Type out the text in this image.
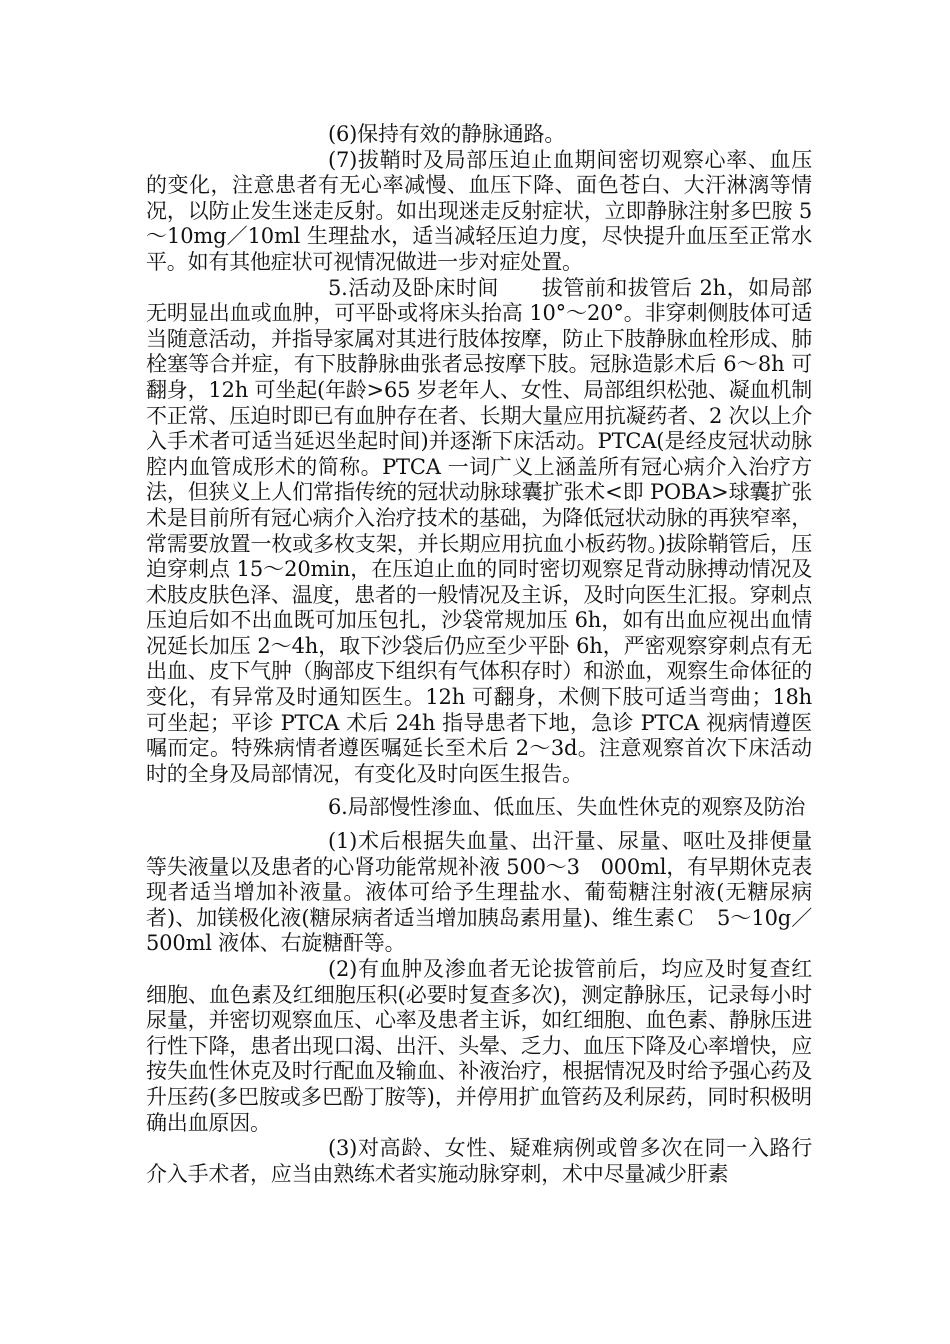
(6)保持有效的静脉通路。

(7)拔鞘时及局部压迫止血期间密切观察心率、血压的变化，注意患者有无心率减慢、血压下降、面色苍白、大汗淋漓等情况，以防止发生迷走反射。如出现迷走反射症状，立即静脉注射多巴胺 5～10mg／10ml 生理盐水，适当减轻压迫力度，尽快提升血压至正常水平。如有其他症状可视情况做进一步对症处置。

5.活动及卧床时间　　拔管前和拔管后 2h，如局部无明显出血或血肿，可平卧或将床头抬高 10°～20°。非穿刺侧肢体可适当随意活动，并指导家属对其进行肢体按摩，防止下肢静脉血栓形成、肺栓塞等合并症，有下肢静脉曲张者忌按摩下肢。冠脉造影术后 6～8h 可翻身，12h 可坐起(年龄>65 岁老年人、女性、局部组织松弛、凝血机制不正常、压迫时即已有血肿存在者、长期大量应用抗凝药者、2 次以上介入手术者可适当延迟坐起时间)并逐渐下床活动。PTCA(是经皮冠状动脉腔内血管成形术的简称。PTCA 一词广义上涵盖所有冠心病介入治疗方法，但狭义上人们常指传统的冠状动脉球囊扩张术<即 POBA>球囊扩张术是目前所有冠心病介入治疗技术的基础，为降低冠状动脉的再狭窄率，常需要放置一枚或多枚支架，并长期应用抗血小板药物。)拔除鞘管后，压迫穿刺点 15～20min，在压迫止血的同时密切观察足背动脉搏动情况及术肢皮肤色泽、温度，患者的一般情况及主诉，及时向医生汇报。穿刺点压迫后如不出血既可加压包扎，沙袋常规加压 6h，如有出血应视出血情况延长加压 2～4h，取下沙袋后仍应至少平卧 6h，严密观察穿刺点有无出血、皮下气肿（胸部皮下组织有气体积存时）和淤血，观察生命体征的变化，有异常及时通知医生。12h 可翻身，术侧下肢可适当弯曲；18h 可坐起；平诊 PTCA 术后 24h 指导患者下地，急诊 PTCA 视病情遵医嘱而定。特殊病情者遵医嘱延长至术后 2～3d。注意观察首次下床活动时的全身及局部情况，有变化及时向医生报告。

6.局部慢性渗血、低血压、失血性休克的观察及防治

(1)术后根据失血量、出汗量、尿量、呕吐及排便量等失液量以及患者的心肾功能常规补液 500～3　000ml，有早期休克表现者适当增加补液量。液体可给予生理盐水、葡萄糖注射液(无糖尿病者)、加镁极化液(糖尿病者适当增加胰岛素用量)、维生素Ｃ　5～10g／500ml 液体、右旋糖酐等。

(2)有血肿及渗血者无论拔管前后，均应及时复查红细胞、血色素及红细胞压积(必要时复查多次)，测定静脉压，记录每小时尿量，并密切观察血压、心率及患者主诉，如红细胞、血色素、静脉压进行性下降，患者出现口渴、出汗、头晕、乏力、血压下降及心率增快，应按失血性休克及时行配血及输血、补液治疗，根据情况及时给予强心药及升压药(多巴胺或多巴酚丁胺等)，并停用扩血管药及利尿药，同时积极明确出血原因。

(3)对高龄、女性、疑难病例或曾多次在同一入路行介入手术者，应当由熟练术者实施动脉穿刺，术中尽量减少肝素
